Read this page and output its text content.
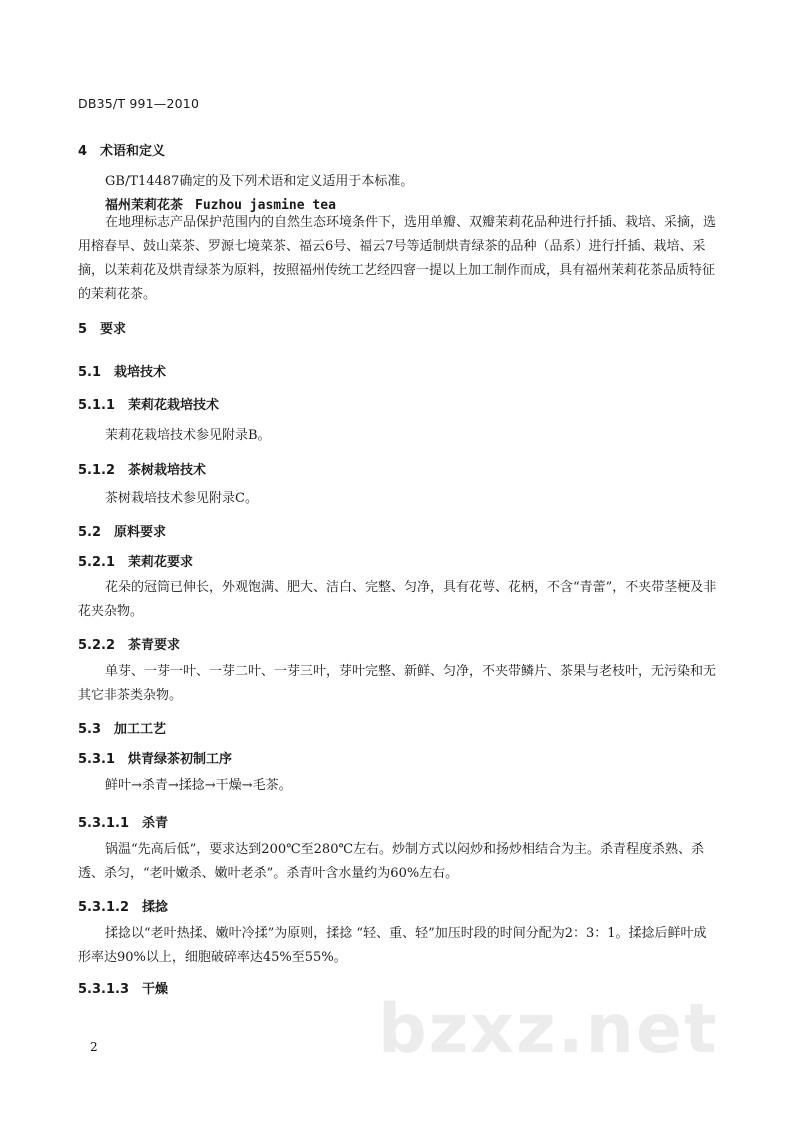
DB35/T 991—2010
4　术语和定义
GB/T14487确定的及下列术语和定义适用于本标准。
福州茉莉花茶 Fuzhou jasmine tea
在地理标志产品保护范围内的自然生态环境条件下，选用单瓣、双瓣茉莉花品种进行扦插、栽培、采摘，选用榕春早、鼓山菜茶、罗源七境菜茶、福云6号、福云7号等适制烘青绿茶的品种（品系）进行扦插、栽培、采摘，以茉莉花及烘青绿茶为原料，按照福州传统工艺经四窨一提以上加工制作而成，具有福州茉莉花茶品质特征的茉莉花茶。
5　要求
5.1　栽培技术
5.1.1　茉莉花栽培技术
茉莉花栽培技术参见附录B。
5.1.2　茶树栽培技术
茶树栽培技术参见附录C。
5.2　原料要求
5.2.1　茉莉花要求
花朵的冠筒已伸长，外观饱满、肥大、洁白、完整、匀净，具有花萼、花柄，不含“青蕾”，不夹带茎梗及非花夹杂物。
5.2.2　茶青要求
单芽、一芽一叶、一芽二叶、一芽三叶，芽叶完整、新鲜、匀净，不夹带鳞片、茶果与老枝叶，无污染和无其它非茶类杂物。
5.3　加工工艺
5.3.1　烘青绿茶初制工序
鲜叶→杀青→揉捻→干燥→毛茶。
5.3.1.1　杀青
锅温“先高后低”，要求达到200℃至280℃左右。炒制方式以闷炒和扬炒相结合为主。杀青程度杀熟、杀透、杀匀，“老叶嫩杀、嫩叶老杀”。杀青叶含水量约为60%左右。
5.3.1.2　揉捻
揉捻以“老叶热揉、嫩叶冷揉”为原则，揉捻 “轻、重、轻”加压时段的时间分配为2：3：1。揉捻后鲜叶成形率达90%以上，细胞破碎率达45%至55%。
5.3.1.3　干燥
bzxz.net
2
